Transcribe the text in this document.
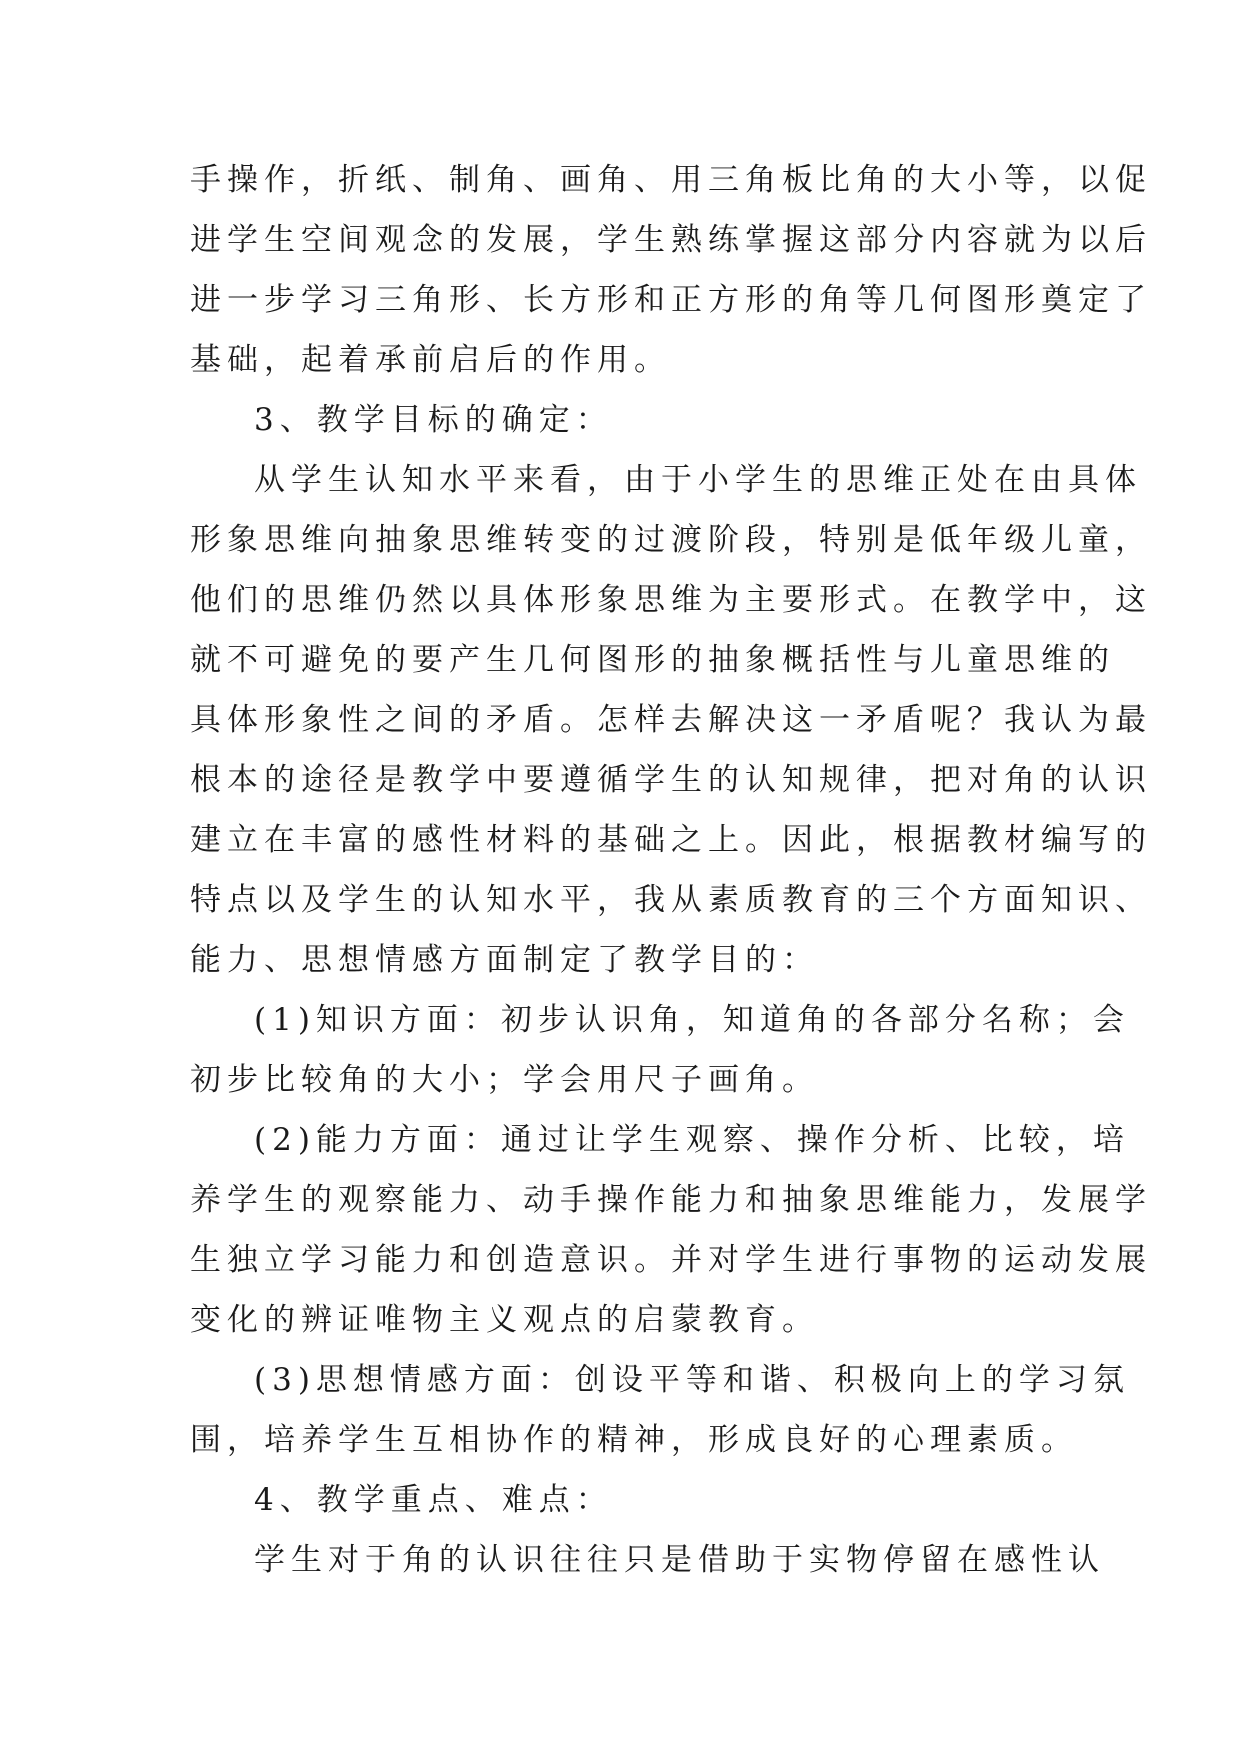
手操作，折纸、制角、画角、用三角板比角的大小等，以促
进学生空间观念的发展，学生熟练掌握这部分内容就为以后
进一步学习三角形、长方形和正方形的角等几何图形奠定了
基础，起着承前启后的作用。
3、教学目标的确定：
从学生认知水平来看，由于小学生的思维正处在由具体
形象思维向抽象思维转变的过渡阶段，特别是低年级儿童，
他们的思维仍然以具体形象思维为主要形式。在教学中，这
就不可避免的要产生几何图形的抽象概括性与儿童思维的
具体形象性之间的矛盾。怎样去解决这一矛盾呢？我认为最
根本的途径是教学中要遵循学生的认知规律，把对角的认识
建立在丰富的感性材料的基础之上。因此，根据教材编写的
特点以及学生的认知水平，我从素质教育的三个方面知识、
能力、思想情感方面制定了教学目的：
(1)知识方面：初步认识角，知道角的各部分名称；会
初步比较角的大小；学会用尺子画角。
(2)能力方面：通过让学生观察、操作分析、比较，培
养学生的观察能力、动手操作能力和抽象思维能力，发展学
生独立学习能力和创造意识。并对学生进行事物的运动发展
变化的辨证唯物主义观点的启蒙教育。
(3)思想情感方面：创设平等和谐、积极向上的学习氛
围，培养学生互相协作的精神，形成良好的心理素质。
4、教学重点、难点：
学生对于角的认识往往只是借助于实物停留在感性认
